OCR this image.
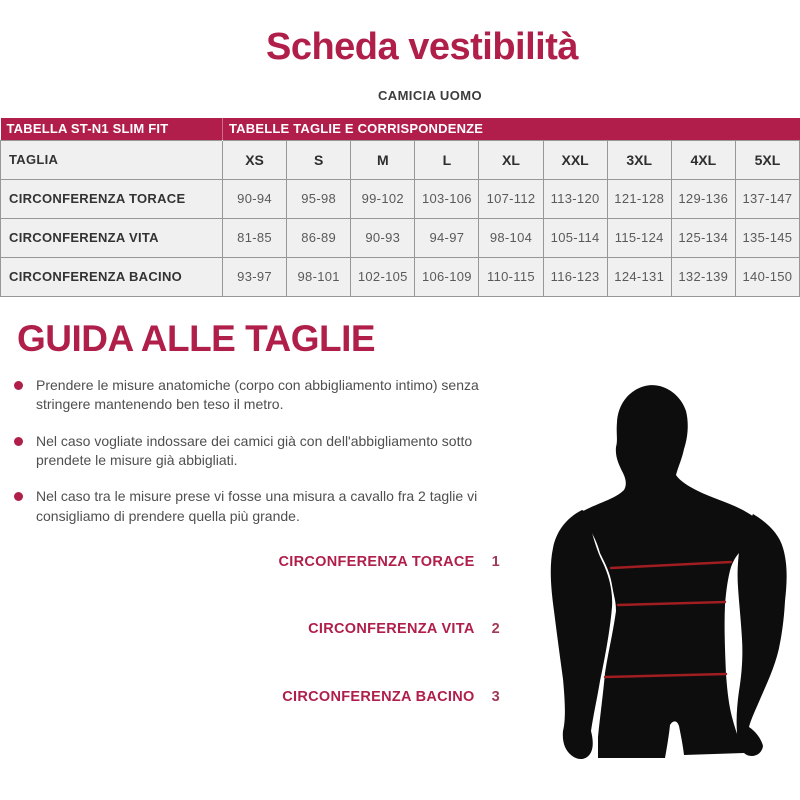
Scheda vestibilità
CAMICIA UOMO
TABELLA ST-N1 SLIM FIT	TABELLE TAGLIE E CORRISPONDENZE								
TAGLIA	XS	S	M	L	XL	XXL	3XL	4XL	5XL
CIRCONFERENZA TORACE	90-94	95-98	99-102	103-106	107-112	113-120	121-128	129-136	137-147
CIRCONFERENZA VITA	81-85	86-89	90-93	94-97	98-104	105-114	115-124	125-134	135-145
CIRCONFERENZA BACINO	93-97	98-101	102-105	106-109	110-115	116-123	124-131	132-139	140-150
GUIDA ALLE TAGLIE
Prendere le misure anatomiche (corpo con abbigliamento intimo) senza stringere mantenendo ben teso il metro.
Nel caso vogliate indossare dei camici già con dell'abbigliamento sotto prendete le misure già abbigliati.
Nel caso tra le misure prese vi fosse una misura a cavallo fra 2 taglie vi consigliamo di prendere quella più grande.
CIRCONFERENZA TORACE 1
CIRCONFERENZA VITA 2
CIRCONFERENZA BACINO 3
